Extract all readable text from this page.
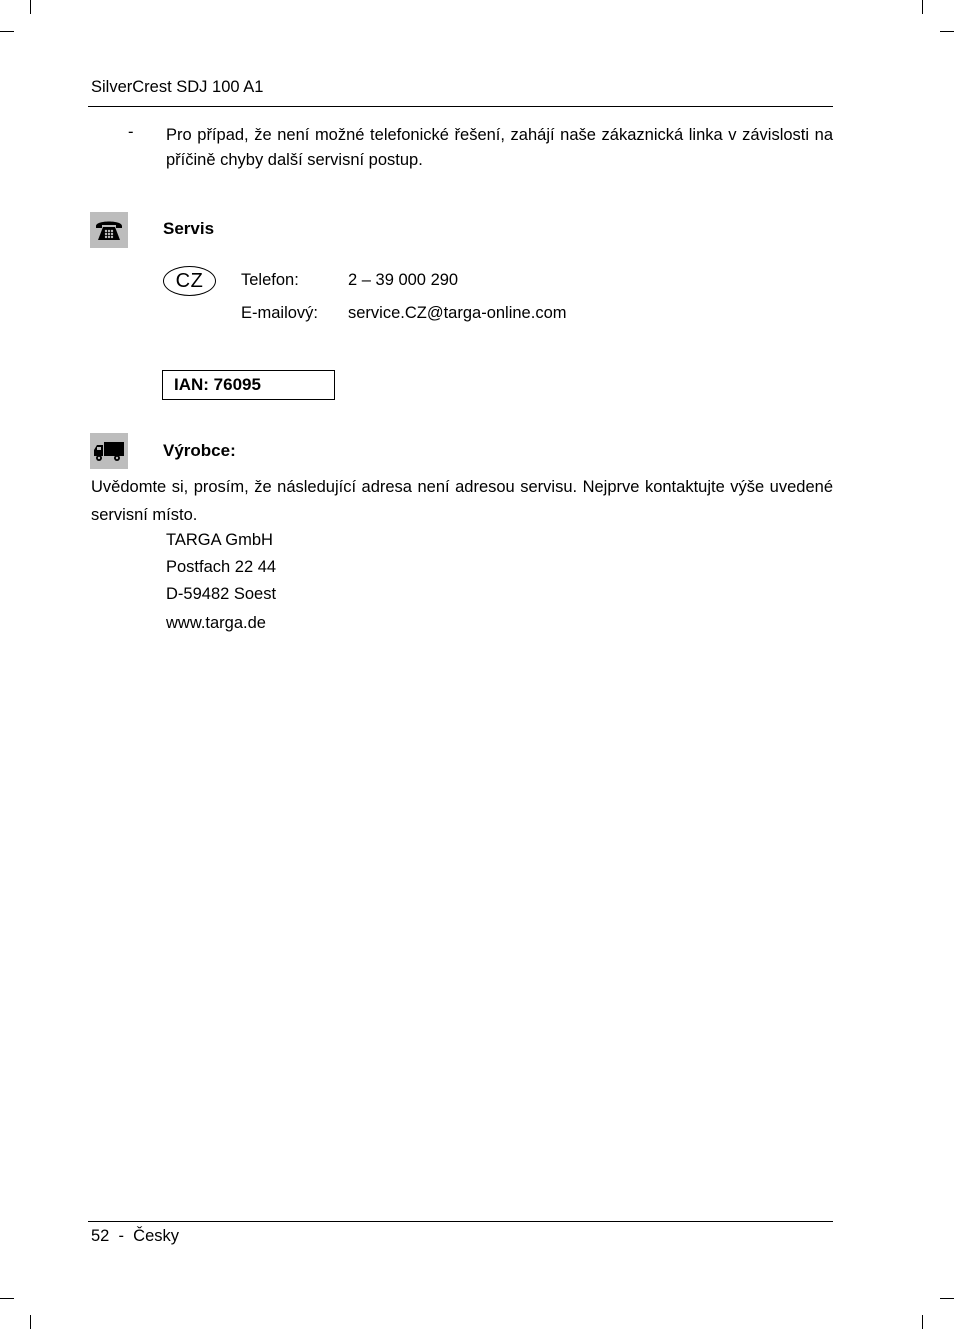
SilverCrest SDJ 100 A1
- Pro případ, že není možné telefonické řešení, zahájí naše zákaznická linka v závislosti na příčině chyby další servisní postup.
Servis
CZ Telefon:	2 – 39 000 290
E-mailový: service.CZ@targa-online.com
IAN: 76095
Výrobce:
Uvědomte si, prosím, že následující adresa není adresou servisu. Nejprve kontaktujte výše uvedené servisní místo.
TARGA GmbH
Postfach 22 44
D-59482 Soest
www.targa.de
52  -  Česky
